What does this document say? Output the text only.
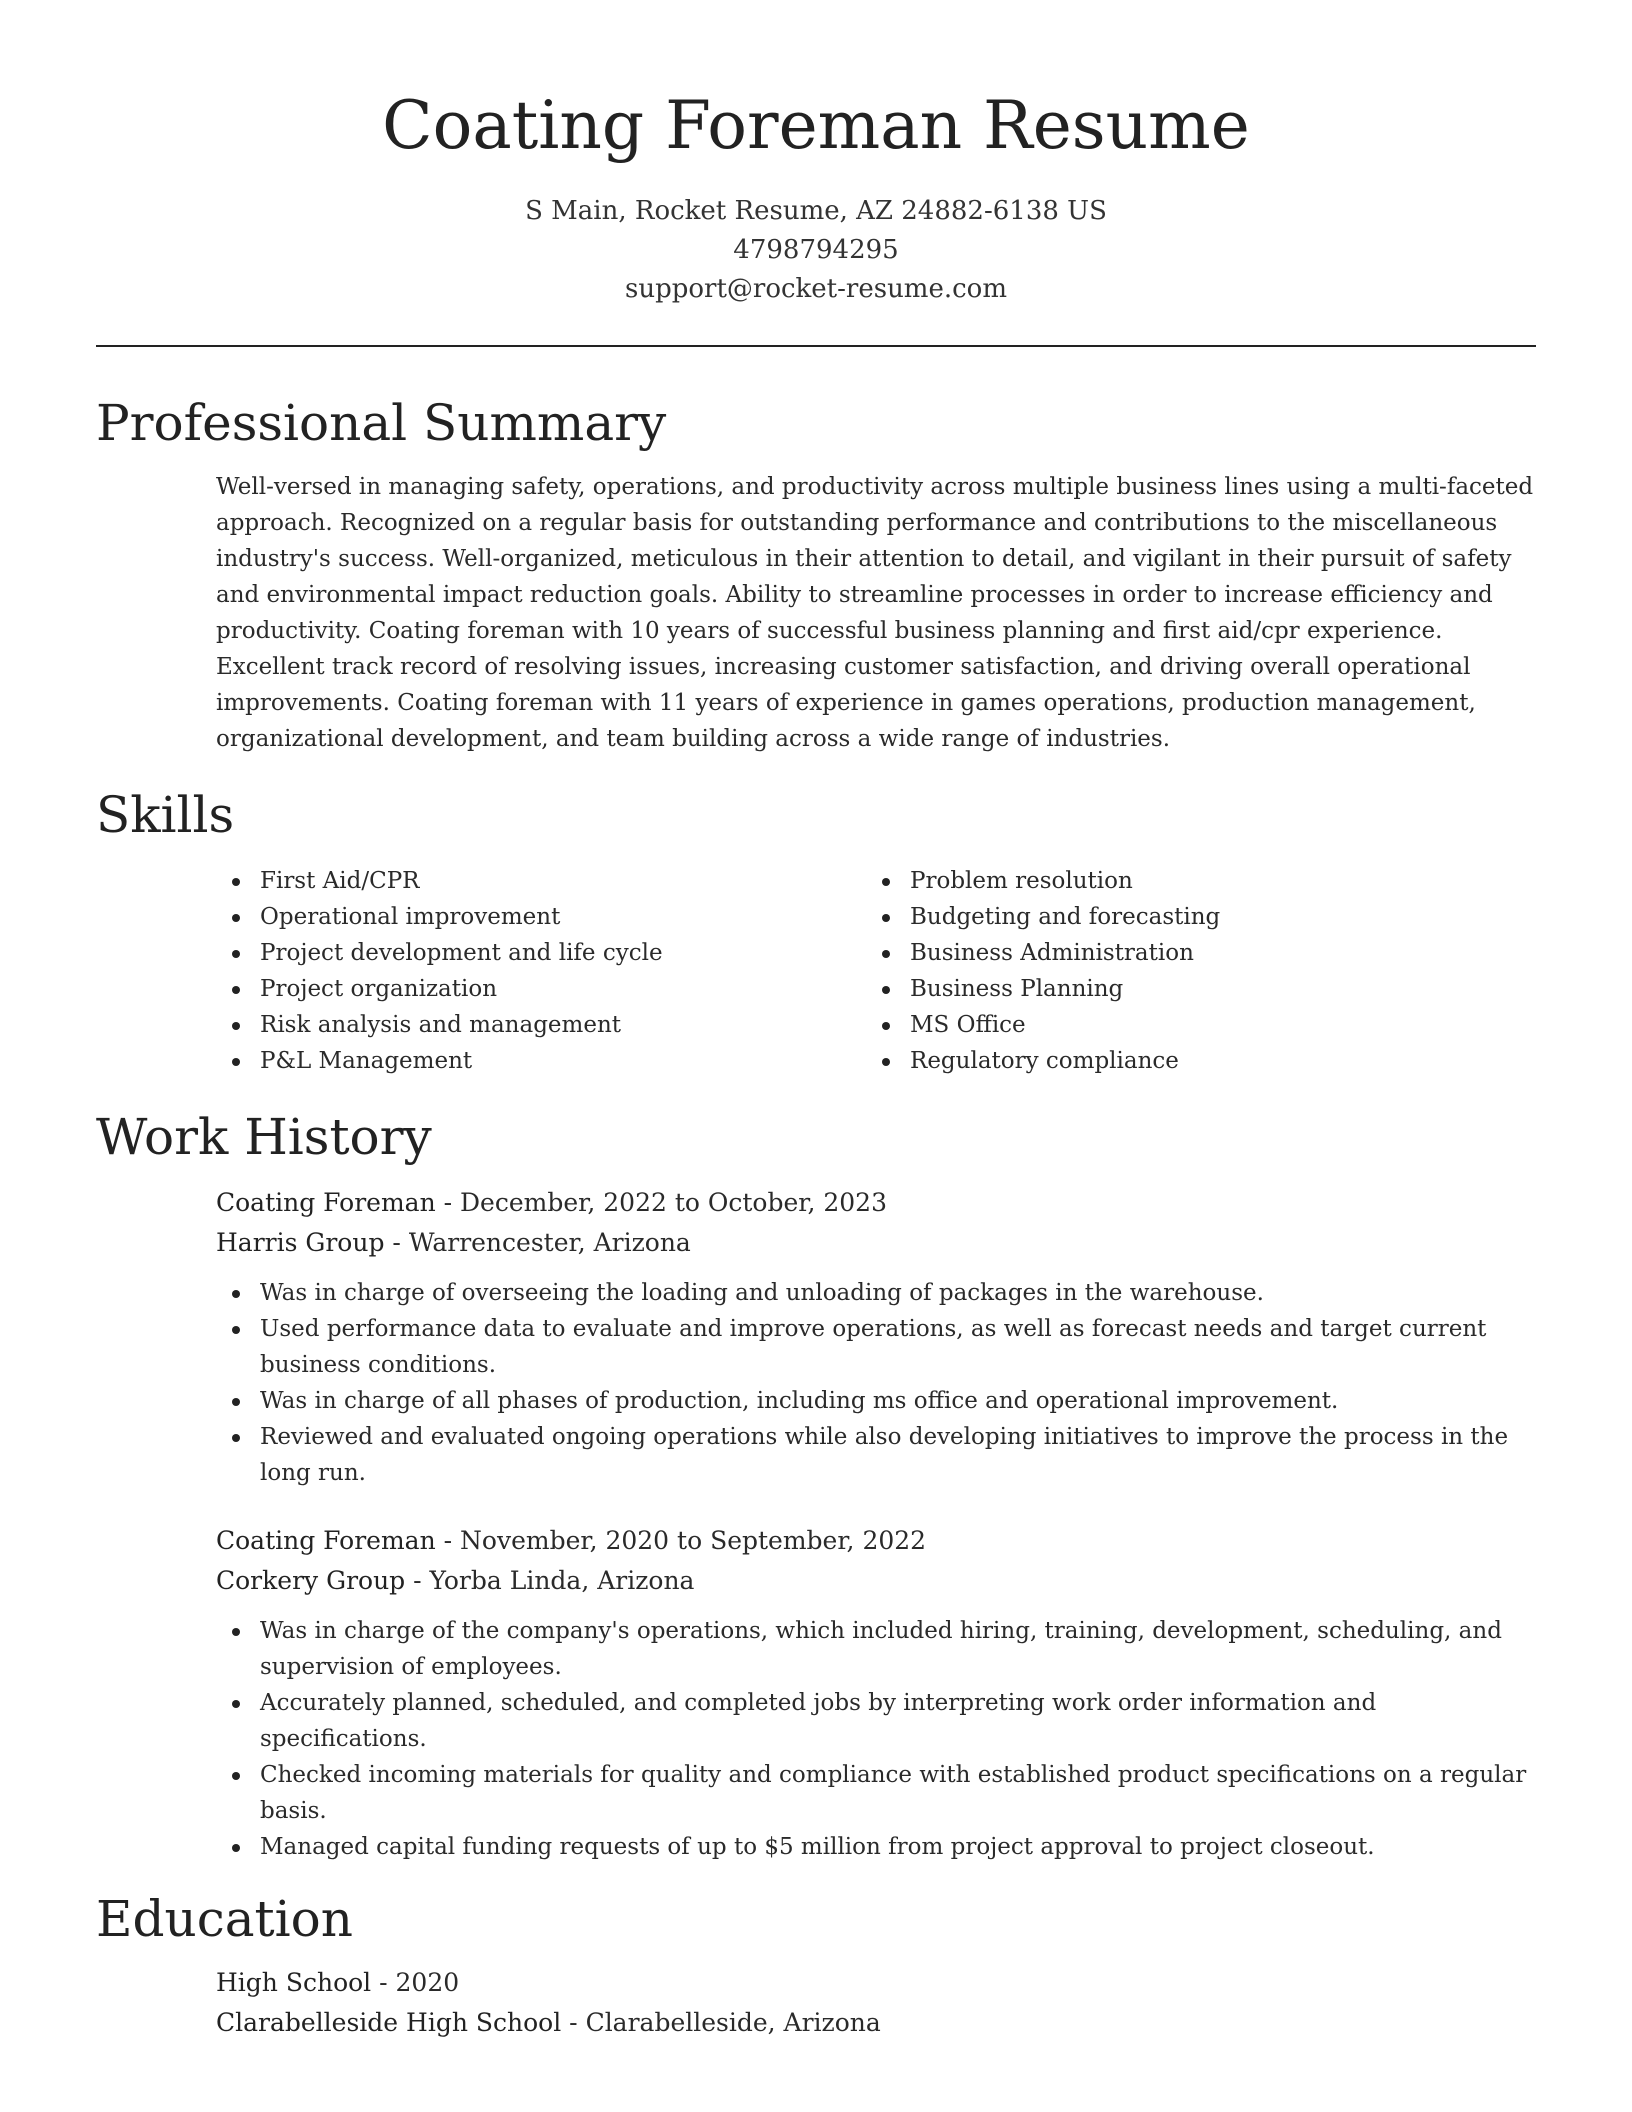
Coating Foreman Resume
S Main, Rocket Resume, AZ 24882-6138 US
4798794295
support@rocket-resume.com
Professional Summary

Well-versed in managing safety, operations, and productivity across multiple business lines using a multi-faceted approach. Recognized on a regular basis for outstanding performance and contributions to the miscellaneous industry's success. Well-organized, meticulous in their attention to detail, and vigilant in their pursuit of safety and environmental impact reduction goals. Ability to streamline processes in order to increase efficiency and productivity. Coating foreman with 10 years of successful business planning and first aid/cpr experience. Excellent track record of resolving issues, increasing customer satisfaction, and driving overall operational improvements. Coating foreman with 11 years of experience in games operations, production management, organizational development, and team building across a wide range of industries.

Skills
First Aid/CPR
Operational improvement
Project development and life cycle
Project organization
Risk analysis and management
P&L Management
Problem resolution
Budgeting and forecasting
Business Administration
Business Planning
MS Office
Regulatory compliance
Work History
Coating Foreman - December, 2022 to October, 2023
Harris Group - Warrencester, Arizona
Was in charge of overseeing the loading and unloading of packages in the warehouse.
Used performance data to evaluate and improve operations, as well as forecast needs and target current business conditions.
Was in charge of all phases of production, including ms office and operational improvement.
Reviewed and evaluated ongoing operations while also developing initiatives to improve the process in the long run.
Coating Foreman - November, 2020 to September, 2022
Corkery Group - Yorba Linda, Arizona
Was in charge of the company's operations, which included hiring, training, development, scheduling, and supervision of employees.
Accurately planned, scheduled, and completed jobs by interpreting work order information and specifications.
Checked incoming materials for quality and compliance with established product specifications on a regular basis.
Managed capital funding requests of up to $5 million from project approval to project closeout.
Education
High School - 2020
Clarabelleside High School - Clarabelleside, Arizona
